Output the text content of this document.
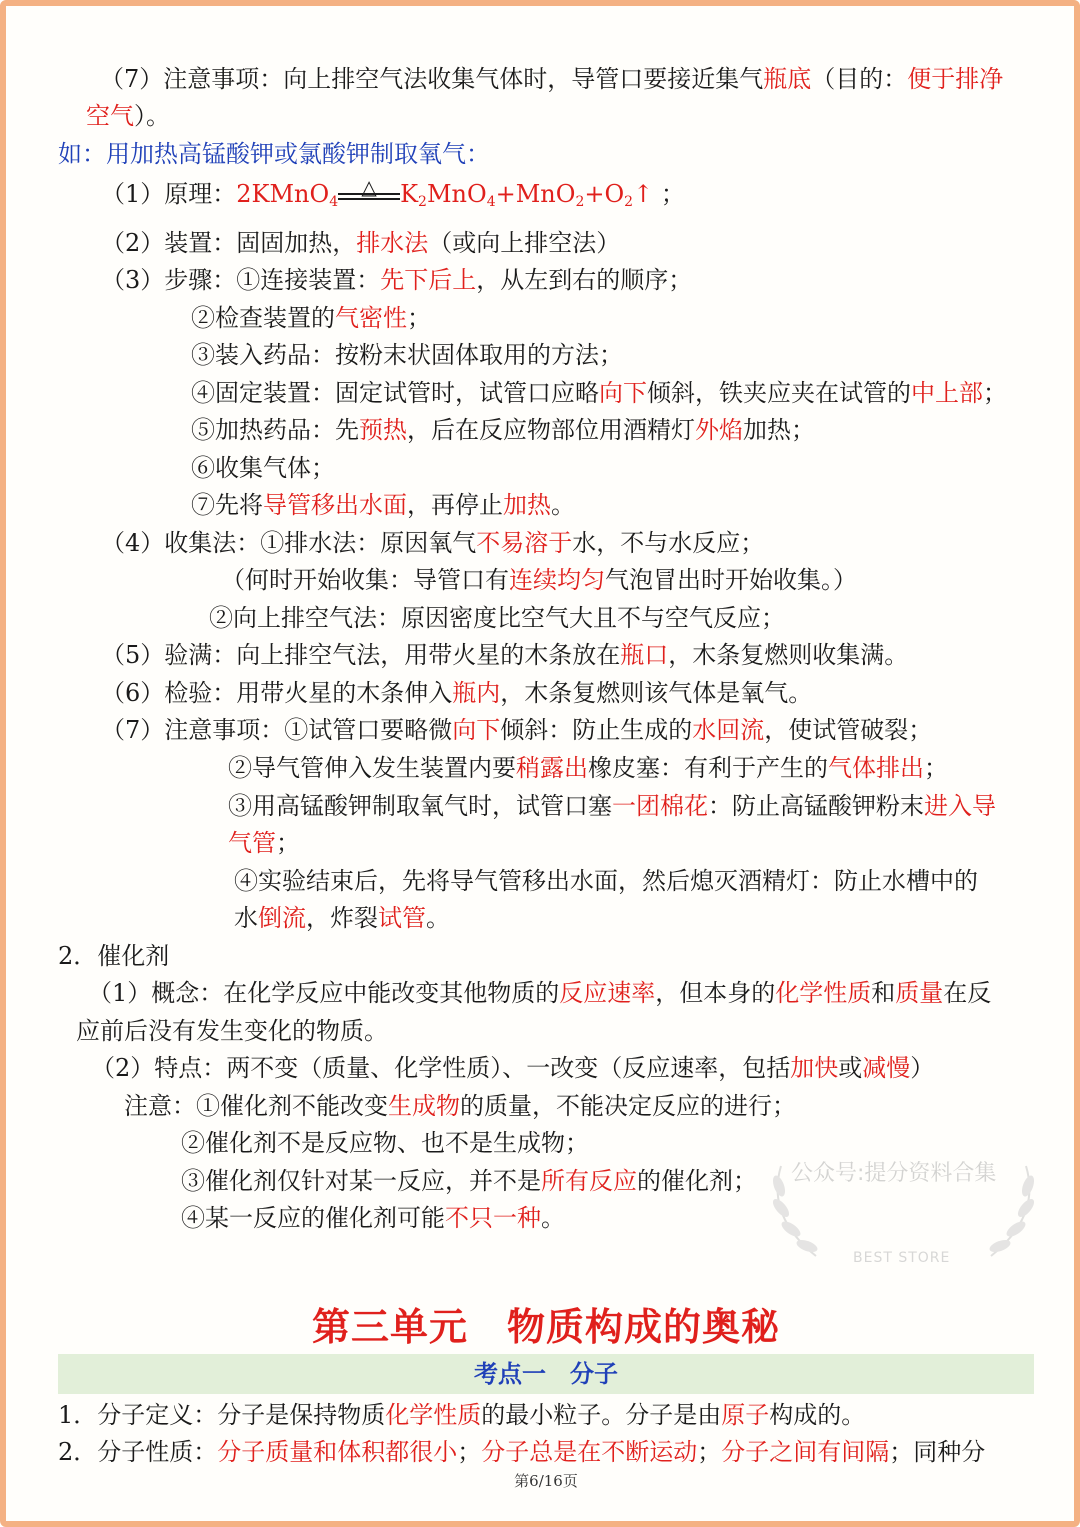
（7）注意事项：向上排空气法收集气体时，导管口要接近集气瓶底（目的：便于排净
空气）。
如：用加热高锰酸钾或氯酸钾制取氧气：
（1）原理：2KMnO$_4$
△ $K_2MnO_4+MnO_2+O_2↑$ ；
（2）装置：固固加热，排水法（或向上排空法）
（3）步骤：①连接装置：先下后上，从左到右的顺序；
②检查装置的气密性；
③装入药品：按粉末状固体取用的方法；
④固定装置：固定试管时，试管口应略向下倾斜，铁夹应夹在试管的中上部；
⑤加热药品：先预热，后在反应物部位用酒精灯外焰加热；
⑥收集气体；
⑦先将导管移出水面，再停止加热。
（4）收集法：①排水法：原因氧气不易溶于水，不与水反应；
（何时开始收集：导管口有连续均匀气泡冒出时开始收集。）
②向上排空气法：原因密度比空气大且不与空气反应；
（5）验满：向上排空气法，用带火星的木条放在瓶口，木条复燃则收集满。
（6）检验：用带火星的木条伸入瓶内，木条复燃则该气体是氧气。
（7）注意事项：①试管口要略微向下倾斜：防止生成的水回流，使试管破裂；
②导气管伸入发生装置内要稍露出橡皮塞：有利于产生的气体排出；
③用高锰酸钾制取氧气时，试管口塞一团棉花：防止高锰酸钾粉末进入导
气管；
④实验结束后，先将导气管移出水面，然后熄灭酒精灯：防止水槽中的
水倒流，炸裂试管。
2．催化剂
（1）概念：在化学反应中能改变其他物质的反应速率，但本身的化学性质和质量在反
应前后没有发生变化的物质。
（2）特点：两不变（质量、化学性质）、一改变（反应速率，包括加快或减慢）
注意：①催化剂不能改变生成物的质量，不能决定反应的进行；
②催化剂不是反应物、也不是生成物；
③催化剂仅针对某一反应，并不是所有反应的催化剂；
④某一反应的催化剂可能不只一种。
公众号:提分资料合集
BEST STORE
第三单元　物质构成的奥秘
考点一　分子
1．分子定义：分子是保持物质化学性质的最小粒子。分子是由原子构成的。
2．分子性质：分子质量和体积都很小；分子总是在不断运动；分子之间有间隔；同种分
第6/16页
